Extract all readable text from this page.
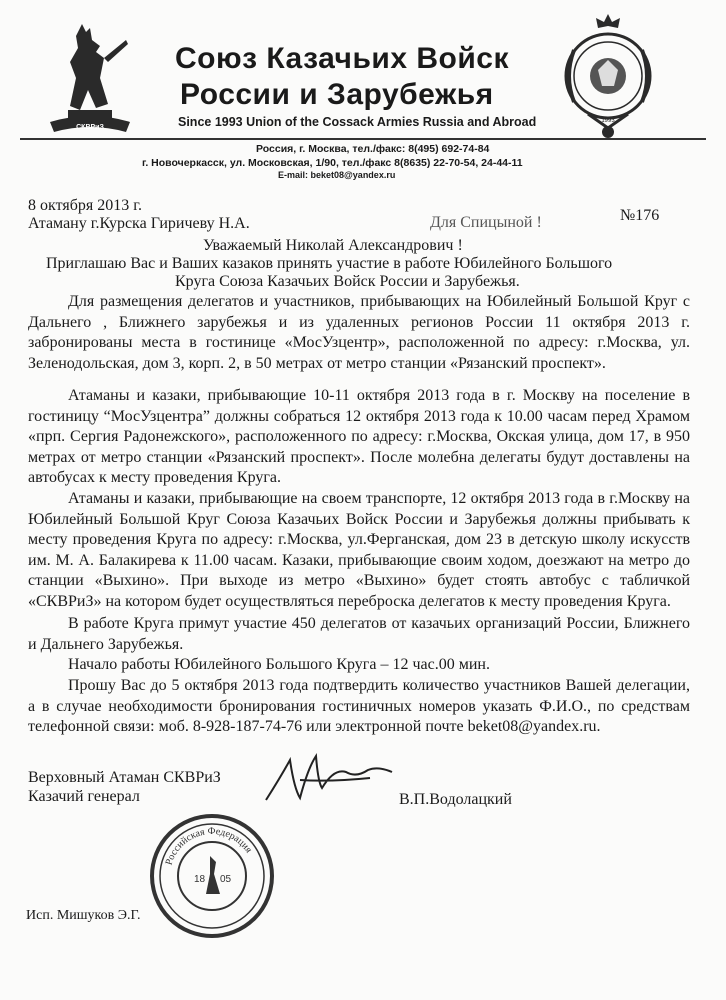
СКВРиЗ
Союз Казачьих Войск
России и Зарубежья
Since 1993 Union of the Cossack Armies Russia and Abroad	1993
Россия, г. Москва, тел./факс: 8(495) 692-74-84
г. Новочеркасск, ул. Московская, 1/90, тел./факс 8(8635) 22-70-54, 24-44-11
E-mail: beket08@yandex.ru
8 октября 2013 г.
№176
Атаману г.Курска Гиричеву Н.А.	Для Спицыной !
Уважаемый Николай Александрович !
Приглашаю Вас и Ваших казаков принять участие в работе Юбилейного Большого
Круга Союза Казачьих Войск России и Зарубежья.
Для размещения делегатов и участников, прибывающих на Юбилейный Большой Круг с Дальнего , Ближнего зарубежья и из удаленных регионов России 11 октября 2013 г. забронированы места в гостинице «МосУзцентр», расположенной по адресу: г.Москва, ул. Зеленодольская, дом 3, корп. 2, в 50 метрах от метро станции «Рязанский проспект».
Атаманы и казаки, прибывающие 10-11 октября 2013 года в г. Москву на поселение в гостиницу “МосУзцентра” должны собраться 12 октября 2013 года к 10.00 часам перед Храмом «прп. Сергия Радонежского», расположенного по адресу: г.Москва, Окская улица, дом 17, в 950 метрах от метро станции «Рязанский проспект». После молебна делегаты будут доставлены на автобусах к месту проведения Круга.
Атаманы и казаки, прибывающие на своем транспорте, 12 октября 2013 года в г.Москву на Юбилейный Большой Круг Союза Казачьих Войск России и Зарубежья должны прибывать к месту проведения Круга по адресу: г.Москва, ул.Ферганская, дом 23 в детскую школу искусств им. М. А. Балакирева к 11.00 часам. Казаки, прибывающие своим ходом, доезжают на метро до станции «Выхино». При выходе из метро «Выхино» будет стоять автобус с табличкой «СКВРиЗ» на котором будет осуществляться переброска делегатов к месту проведения Круга.
В работе Круга примут участие 450 делегатов от казачьих организаций России, Ближнего и Дальнего Зарубежья.
Начало работы Юбилейного Большого Круга – 12 час.00 мин.
Прошу Вас до 5 октября 2013 года подтвердить количество участников Вашей делегации, а в случае необходимости бронирования гостиничных номеров указать Ф.И.О., по средствам телефонной связи: моб. 8-928-187-74-76 или электронной почте beket08@yandex.ru.
Верховный Атаман СКВРиЗ
Казачий генерал	В.П.Водолацкий
Российская Федерация
18 05
Исп. Мишуков Э.Г.
